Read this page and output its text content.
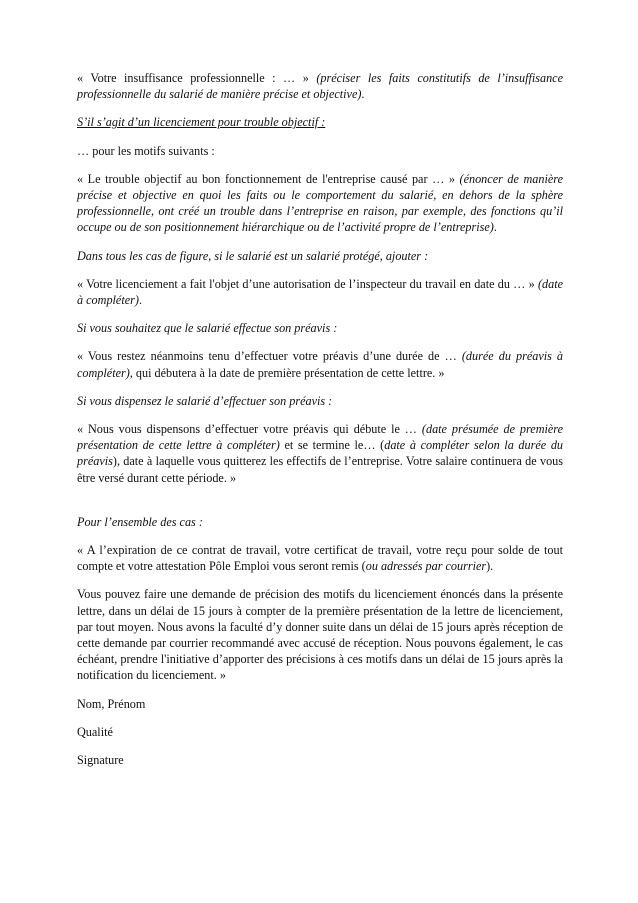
« Votre insuffisance professionnelle : … » (préciser les faits constitutifs de l’insuffisance professionnelle du salarié de manière précise et objective).

S’il s’agit d’un licenciement pour trouble objectif :

… pour les motifs suivants :

« Le trouble objectif au bon fonctionnement de l'entreprise causé par … » (énoncer de manière précise et objective en quoi les faits ou le comportement du salarié, en dehors de la sphère professionnelle, ont créé un trouble dans l’entreprise en raison, par exemple, des fonctions qu’il occupe ou de son positionnement hiérarchique ou de l’activité propre de l’entreprise).

Dans tous les cas de figure, si le salarié est un salarié protégé, ajouter :

« Votre licenciement a fait l'objet d’une autorisation de l’inspecteur du travail en date du … » (date à compléter).

Si vous souhaitez que le salarié effectue son préavis :

« Vous restez néanmoins tenu d’effectuer votre préavis d’une durée de … (durée du préavis à compléter), qui débutera à la date de première présentation de cette lettre. »

Si vous dispensez le salarié d’effectuer son préavis :

« Nous vous dispensons d’effectuer votre préavis qui débute le … (date présumée de première présentation de cette lettre à compléter) et se termine le… (date à compléter selon la durée du préavis), date à laquelle vous quitterez les effectifs de l’entreprise. Votre salaire continuera de vous être versé durant cette période. »

Pour l’ensemble des cas :

« A l’expiration de ce contrat de travail, votre certificat de travail, votre reçu pour solde de tout compte et votre attestation Pôle Emploi vous seront remis (ou adressés par courrier).

Vous pouvez faire une demande de précision des motifs du licenciement énoncés dans la présente lettre, dans un délai de 15 jours à compter de la première présentation de la lettre de licenciement, par tout moyen. Nous avons la faculté d’y donner suite dans un délai de 15 jours après réception de cette demande par courrier recommandé avec accusé de réception. Nous pouvons également, le cas échéant, prendre l'initiative d’apporter des précisions à ces motifs dans un délai de 15 jours après la notification du licenciement. »

Nom, Prénom

Qualité

Signature
